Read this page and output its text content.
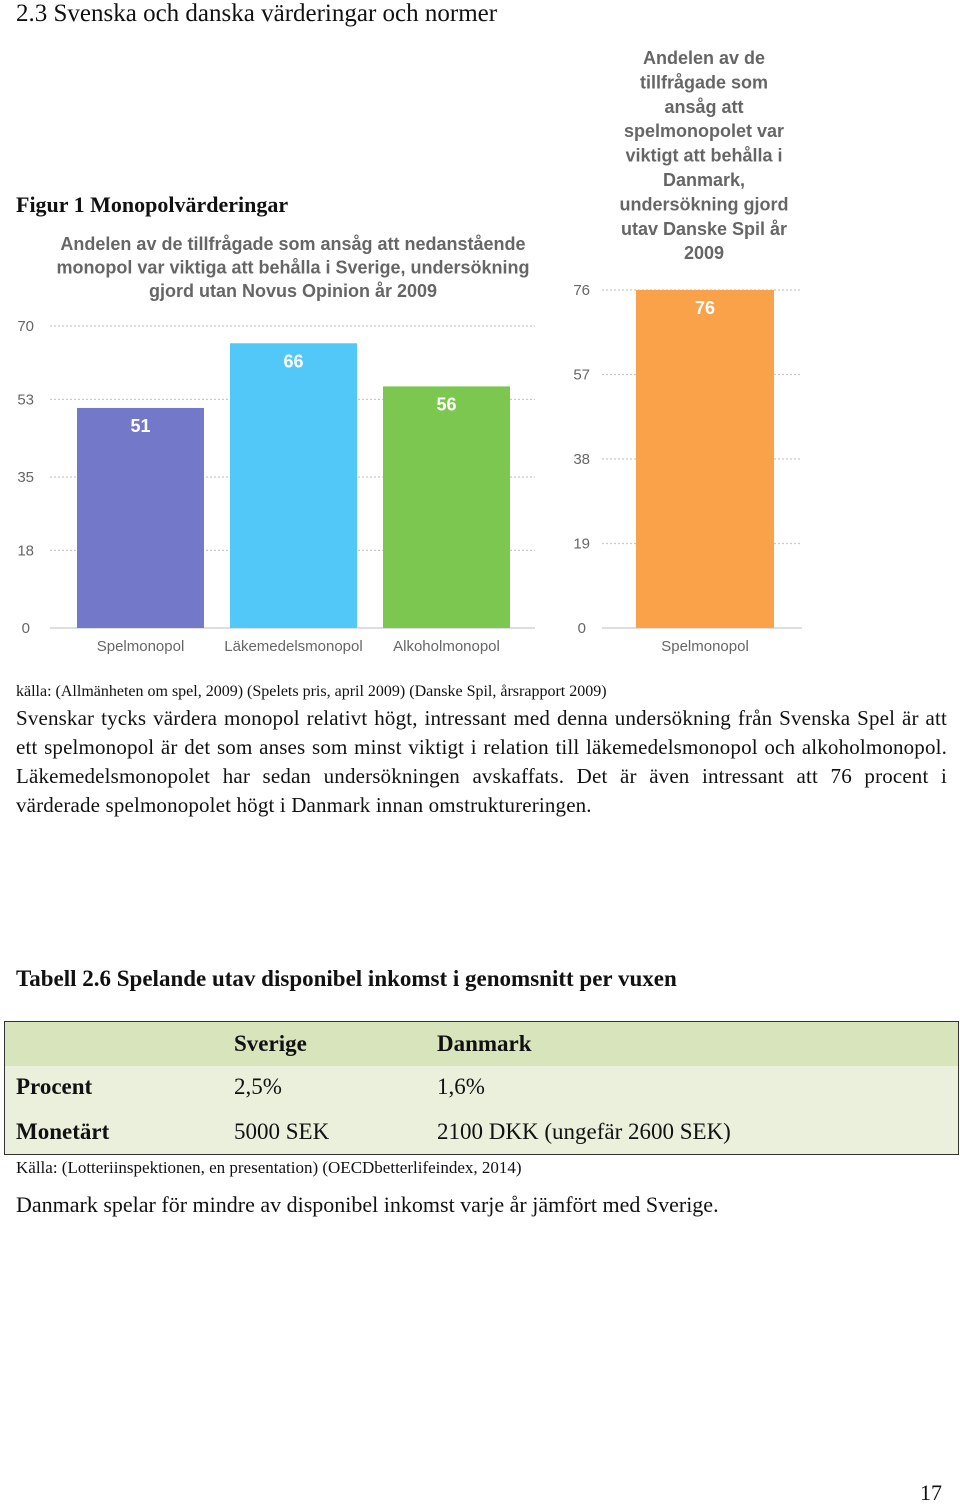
2.3 Svenska och danska värderingar och normer
Figur 1 Monopolvärderingar
Andelen av de tillfrågade som ansåg att nedanstående
monopol var viktiga att behålla i Sverige, undersökning
gjord utan Novus Opinion år 2009
0
18
35
53
70
51
Spelmonopol
66
Läkemedelsmonopol
56
Alkoholmonopol
Andelen av de
tillfrågade som
ansåg att
spelmonopolet var
viktigt att behålla i
Danmark,
undersökning gjord
utav Danske Spil år
2009
0
19
38
57
76
76
Spelmonopol
källa: (Allmänheten om spel, 2009) (Spelets pris, april 2009) (Danske Spil, årsrapport 2009)

Svenskar tycks värdera monopol relativt högt, intressant med denna undersökning från Svenska Spel är att ett spelmonopol är det som anses som minst viktigt i relation till läkemedelsmonopol och alkoholmonopol. Läkemedelsmonopolet har sedan undersökningen avskaffats. Det är även intressant att 76 procent i värderade spelmonopolet högt i Danmark innan omstruktureringen.

Tabell 2.6 Spelande utav disponibel inkomst i genomsnitt per vuxen
	Sverige	Danmark
Procent	2,5%	1,6%
Monetärt	5000 SEK	2100 DKK (ungefär 2600 SEK)
Källa: (Lotteriinspektionen, en presentation) (OECDbetterlifeindex, 2014)
Danmark spelar för mindre av disponibel inkomst varje år jämfört med Sverige.
17
